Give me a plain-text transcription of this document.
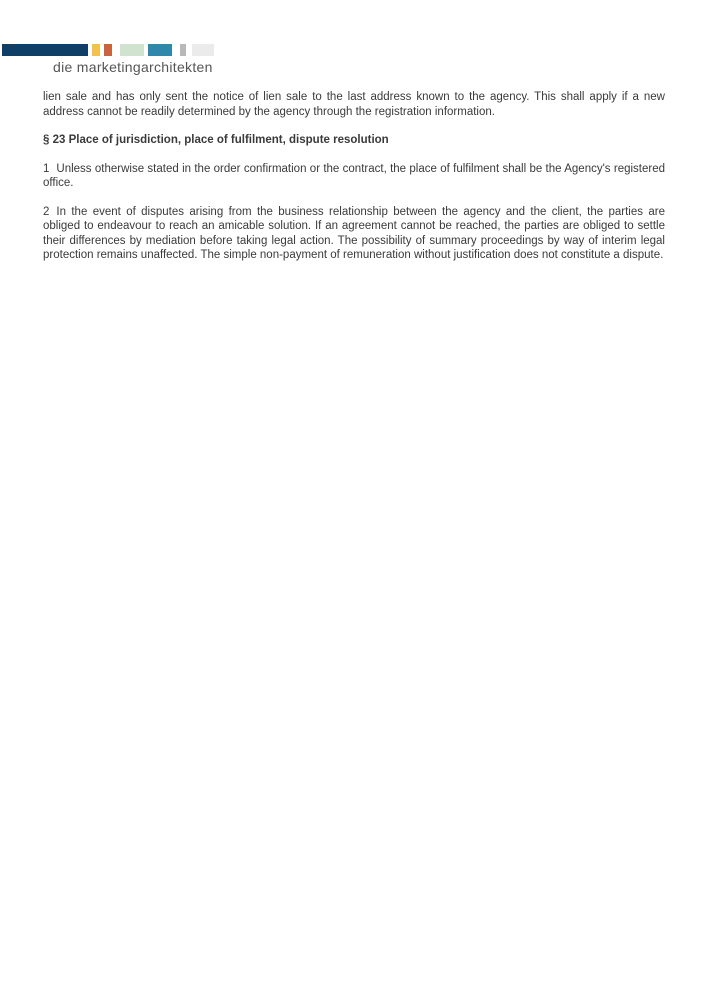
die marketingarchitekten

lien sale and has only sent the notice of lien sale to the last address known to the agency. This shall apply if a new address cannot be readily determined by the agency through the registration information.

§ 23 Place of jurisdiction, place of fulfilment, dispute resolution

1 Unless otherwise stated in the order confirmation or the contract, the place of fulfilment shall be the Agency's registered office.

2 In the event of disputes arising from the business relationship between the agency and the client, the parties are obliged to endeavour to reach an amicable solution. If an agreement cannot be reached, the parties are obliged to settle their differences by mediation before taking legal action. The possibility of summary proceedings by way of interim legal protection remains unaffected. The simple non-payment of remuneration without justification does not constitute a dispute.
